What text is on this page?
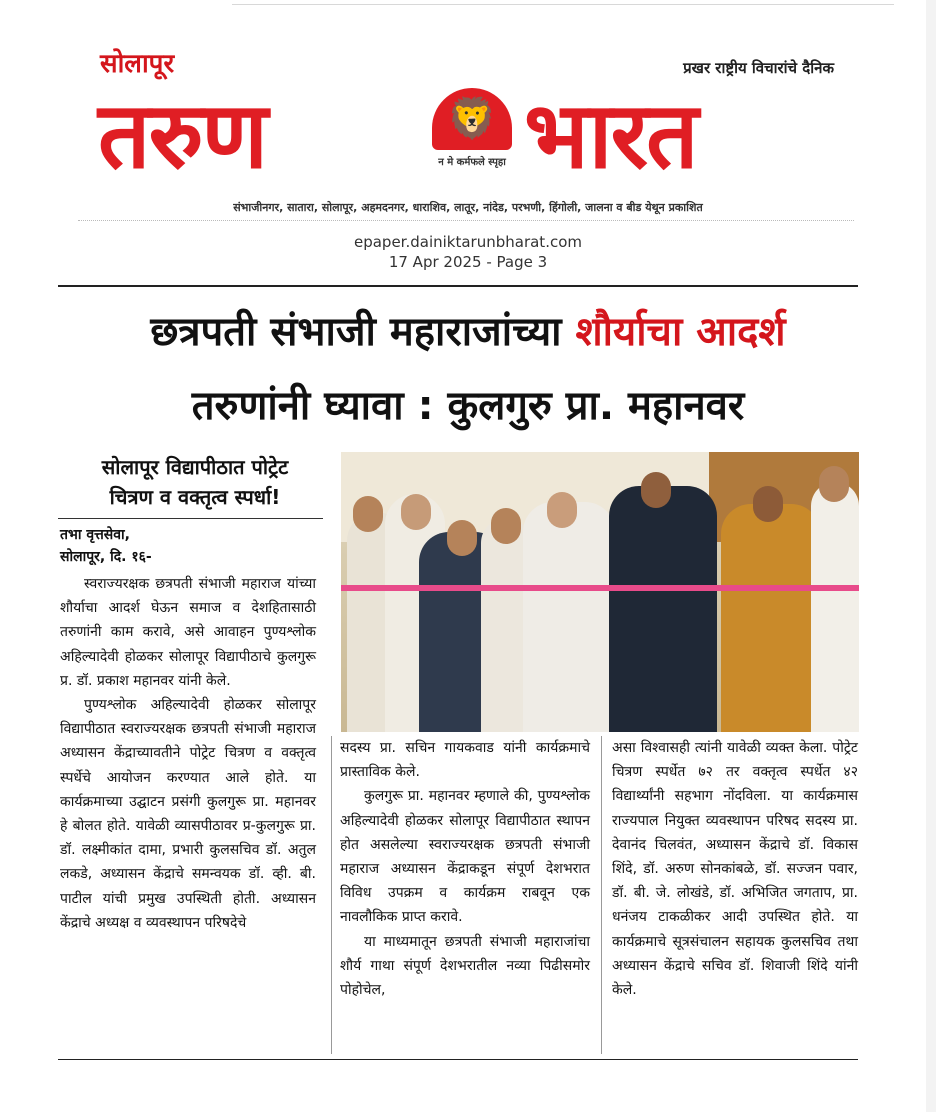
सोलापूर	प्रखर राष्ट्रीय विचारांचे दैनिक
तरुण	🦁
न मे कर्मफले स्पृहा भारत
संभाजीनगर, सातारा, सोलापूर, अहमदनगर, धाराशिव, लातूर, नांदेड, परभणी, हिंगोली, जालना व बीड येथून प्रकाशित
epaper.dainiktarunbharat.com
17 Apr 2025 - Page 3
छत्रपती संभाजी महाराजांच्या शौर्याचा आदर्श
तरुणांनी घ्यावा : कुलगुरु प्रा. महानवर
सोलापूर विद्यापीठात पोट्रेट
चित्रण व वक्तृत्व स्पर्धा!
तभा वृत्तसेवा,
सोलापूर, दि. १६-

स्वराज्यरक्षक छत्रपती संभाजी महाराज यांच्या शौर्याचा आदर्श घेऊन समाज व देशहितासाठी तरुणांनी काम करावे, असे आवाहन पुण्यश्लोक अहिल्यादेवी होळकर सोलापूर विद्यापीठाचे कुलगुरू प्र. डॉ. प्रकाश महानवर यांनी केले.

पुण्यश्लोक अहिल्यादेवी होळकर सोलापूर विद्यापीठात स्वराज्यरक्षक छत्रपती संभाजी महाराज अध्यासन केंद्राच्यावतीने पोट्रेट चित्रण व वक्तृत्व स्पर्धेचे आयोजन करण्यात आले होते. या कार्यक्रमाच्या उद्घाटन प्रसंगी कुलगुरू प्रा. महानवर हे बोलत होते. यावेळी व्यासपीठावर प्र-कुलगुरू प्रा. डॉ. लक्ष्मीकांत दामा, प्रभारी कुलसचिव डॉ. अतुल लकडे, अध्यासन केंद्राचे समन्वयक डॉ. व्ही. बी. पाटील यांची प्रमुख उपस्थिती होती. अध्यासन केंद्राचे अध्यक्ष व व्यवस्थापन परिषदेचे

सदस्य प्रा. सचिन गायकवाड यांनी कार्यक्रमाचे प्रास्ताविक केले.

कुलगुरू प्रा. महानवर म्हणाले की, पुण्यश्लोक अहिल्यादेवी होळकर सोलापूर विद्यापीठात स्थापन होत असलेल्या स्वराज्यरक्षक छत्रपती संभाजी महाराज अध्यासन केंद्राकडून संपूर्ण देशभरात विविध उपक्रम व कार्यक्रम राबवून एक नावलौकिक प्राप्त करावे.

या माध्यमातून छत्रपती संभाजी महाराजांचा शौर्य गाथा संपूर्ण देशभरातील नव्या पिढीसमोर पोहोचेल,

असा विश्वासही त्यांनी यावेळी व्यक्त केला. पोट्रेट चित्रण स्पर्धेत ७२ तर वक्तृत्व स्पर्धेत ४२ विद्यार्थ्यांनी सहभाग नोंदविला. या कार्यक्रमास राज्यपाल नियुक्त व्यवस्थापन परिषद सदस्य प्रा. देवानंद चिलवंत, अध्यासन केंद्राचे डॉ. विकास शिंदे, डॉ. अरुण सोनकांबळे, डॉ. सज्जन पवार, डॉ. बी. जे. लोखंडे, डॉ. अभिजित जगताप, प्रा. धनंजय टाकळीकर आदी उपस्थित होते. या कार्यक्रमाचे सूत्रसंचालन सहायक कुलसचिव तथा अध्यासन केंद्राचे सचिव डॉ. शिवाजी शिंदे यांनी केले.
